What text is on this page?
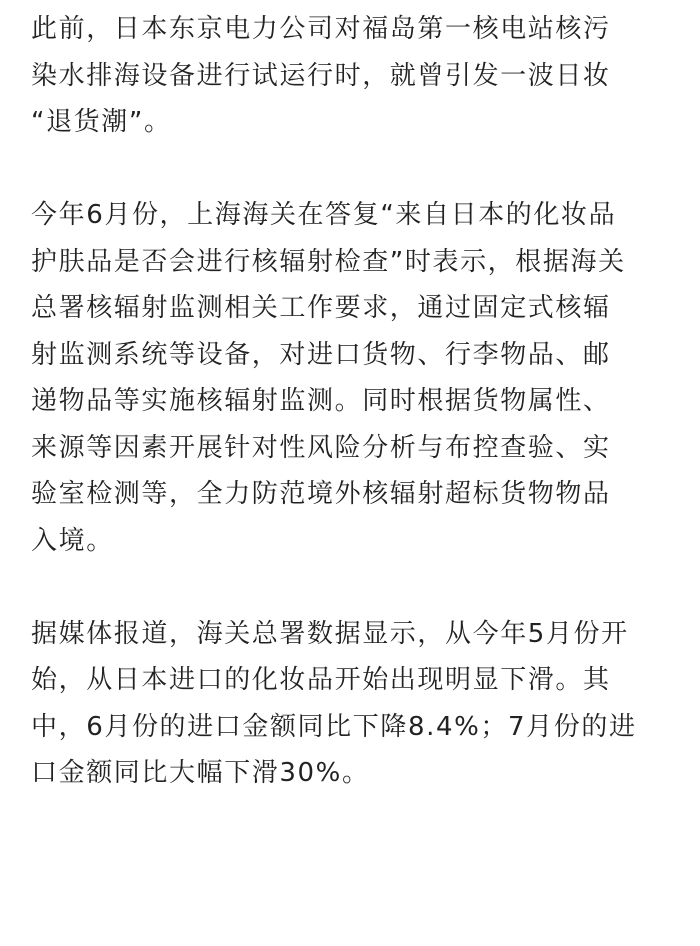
此前，日本东京电力公司对福岛第一核电站核污
染水排海设备进行试运行时，就曾引发一波日妆
“退货潮”。

今年6月份，上海海关在答复“来自日本的化妆品
护肤品是否会进行核辐射检查”时表示，根据海关
总署核辐射监测相关工作要求，通过固定式核辐
射监测系统等设备，对进口货物、行李物品、邮
递物品等实施核辐射监测。同时根据货物属性、
来源等因素开展针对性风险分析与布控查验、实
验室检测等，全力防范境外核辐射超标货物物品
入境。

据媒体报道，海关总署数据显示，从今年5月份开
始，从日本进口的化妆品开始出现明显下滑。其
中，6月份的进口金额同比下降8.4%；7月份的进
口金额同比大幅下滑30%。
